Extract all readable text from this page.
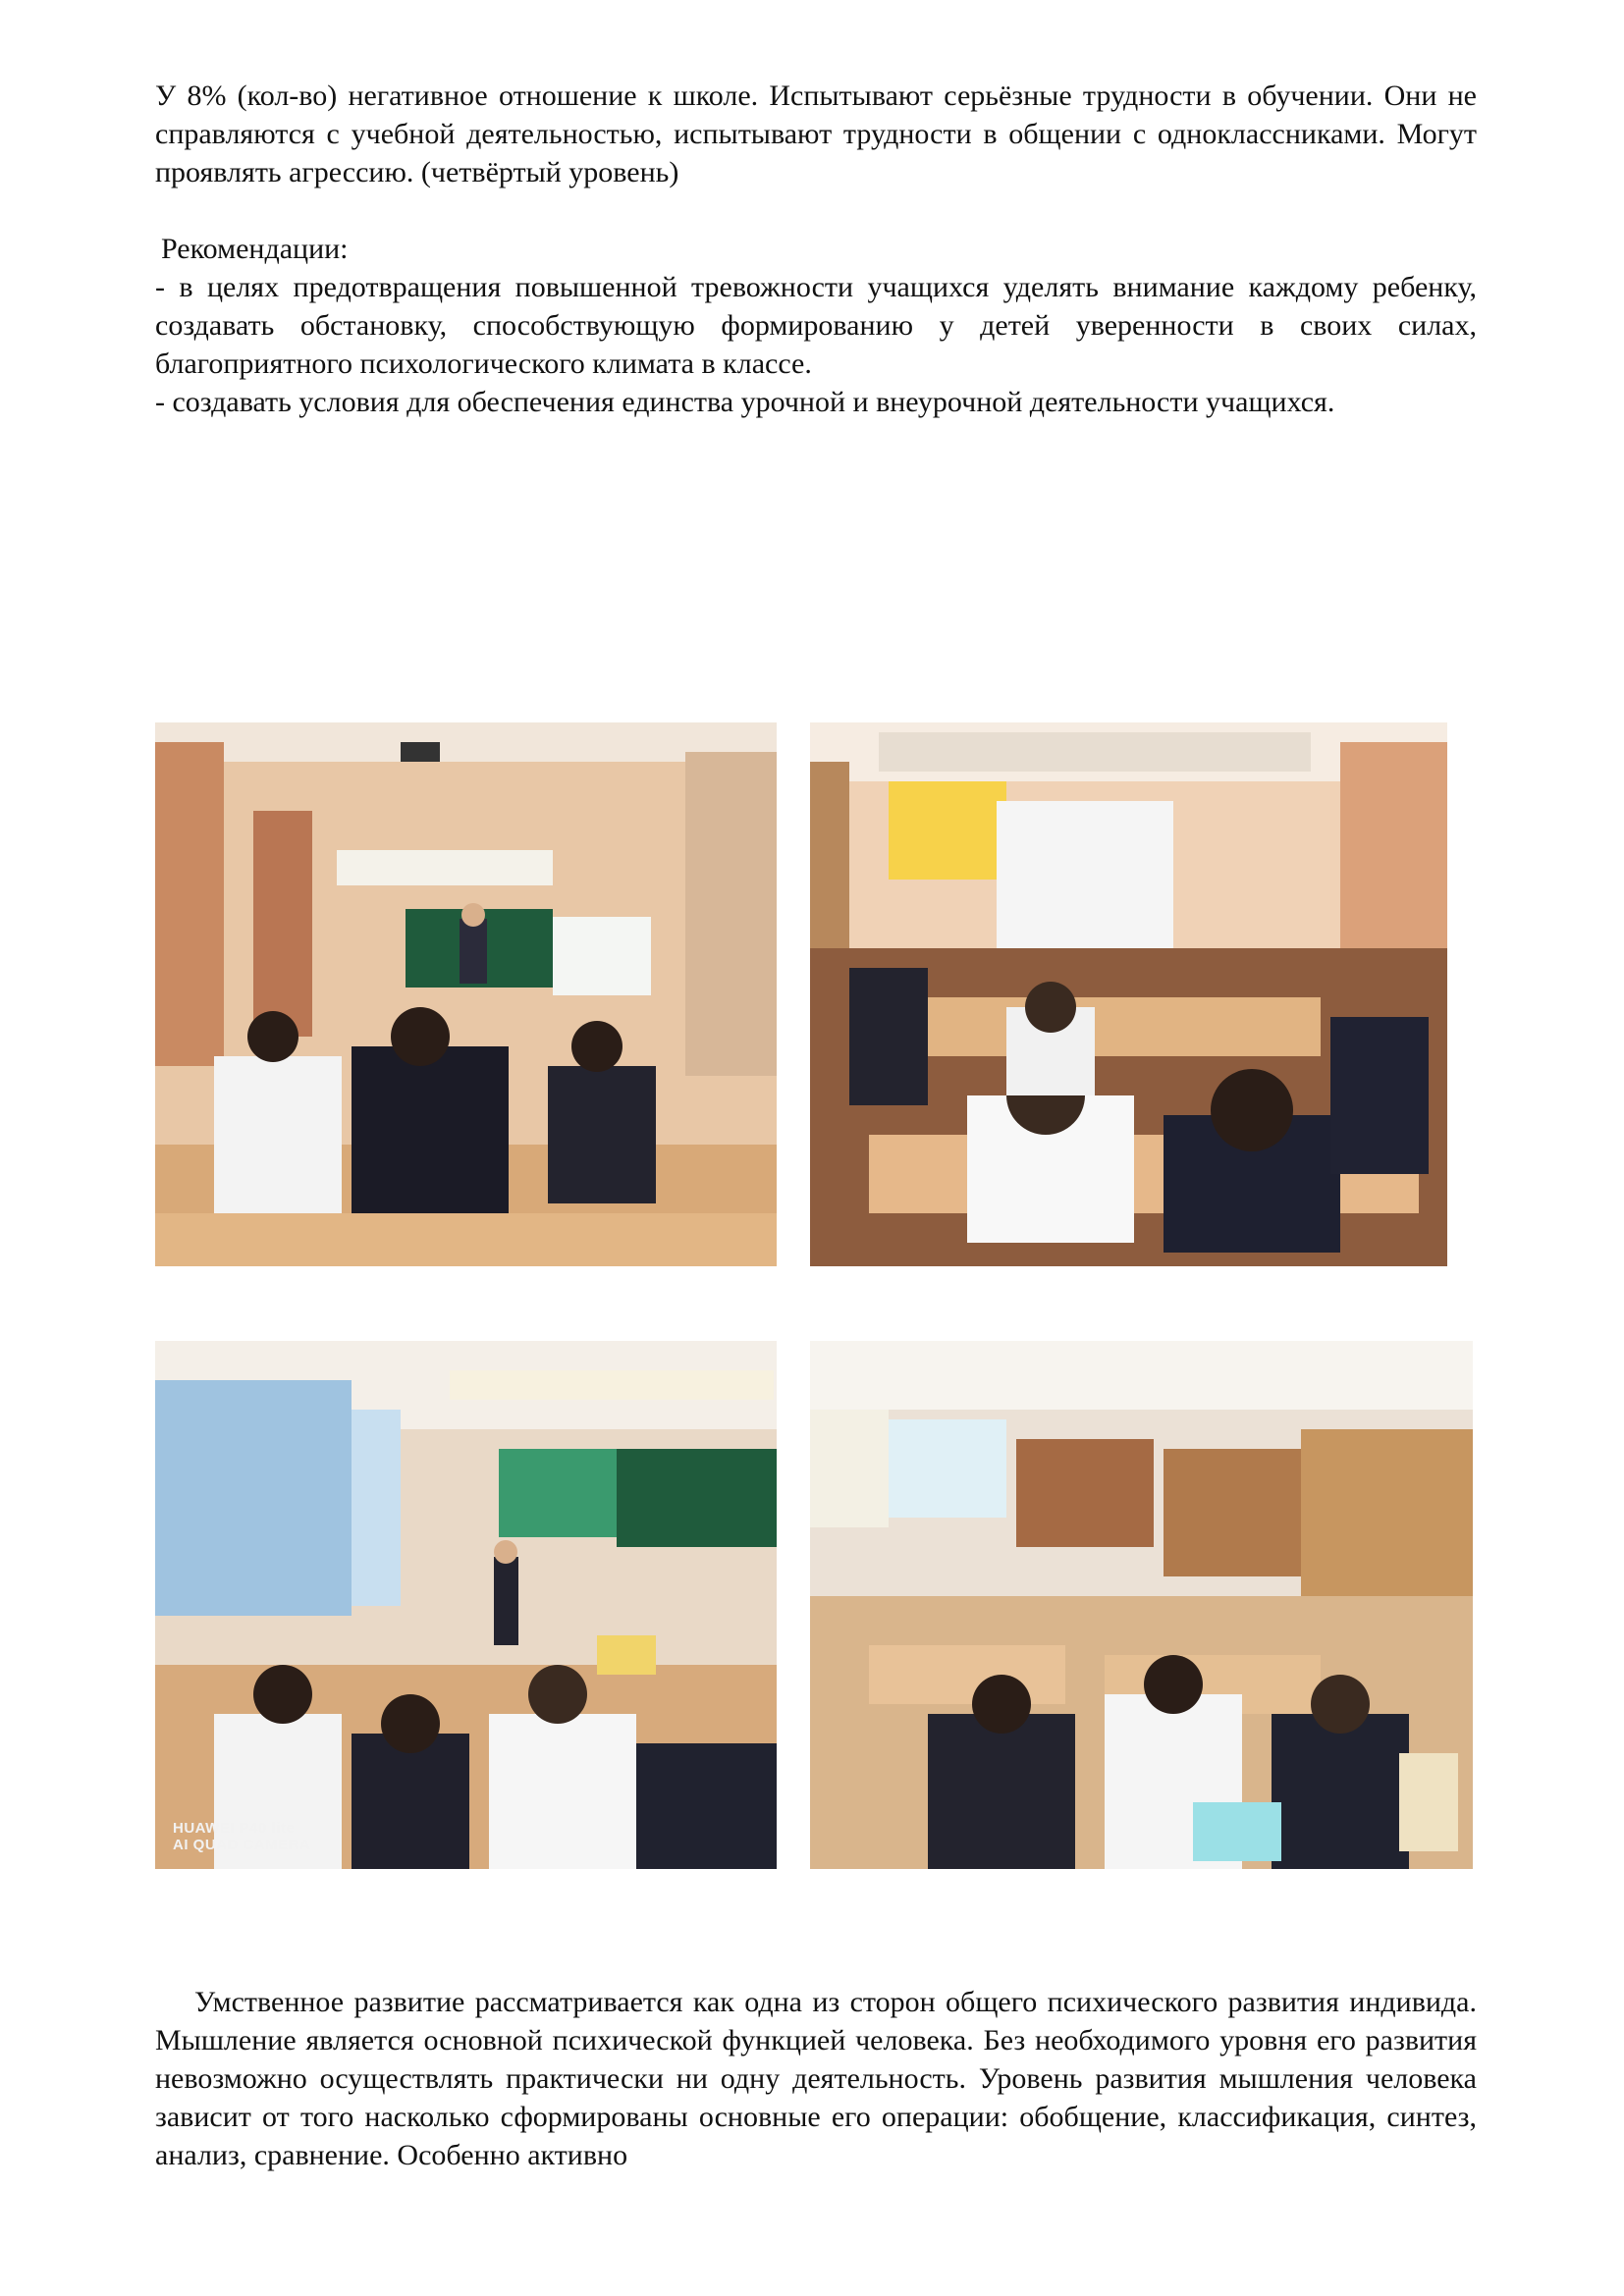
У 8% (кол-во) негативное отношение к школе. Испытывают серьёзные трудности в обучении. Они не справляются с учебной деятельностью, испытывают трудности в общении с одноклассниками. Могут проявлять агрессию. (четвёртый уровень)

Рекомендации:

- в целях предотвращения повышенной тревожности учащихся уделять внимание каждому ребенку, создавать обстановку, способствующую формированию у детей уверенности в своих силах, благоприятного психологического климата в классе.

- создавать условия для обеспечения единства урочной и внеурочной деятельности учащихся.

HUAWEI P40 lite
AI QUAD CAMERA

Умственное развитие рассматривается как одна из сторон общего психического развития индивида. Мышление является основной психической функцией человека. Без необходимого уровня его развития невозможно осуществлять практически ни одну деятельность. Уровень развития мышления человека зависит от того насколько сформированы основные его операции: обобщение, классификация, синтез, анализ, сравнение. Особенно активно
